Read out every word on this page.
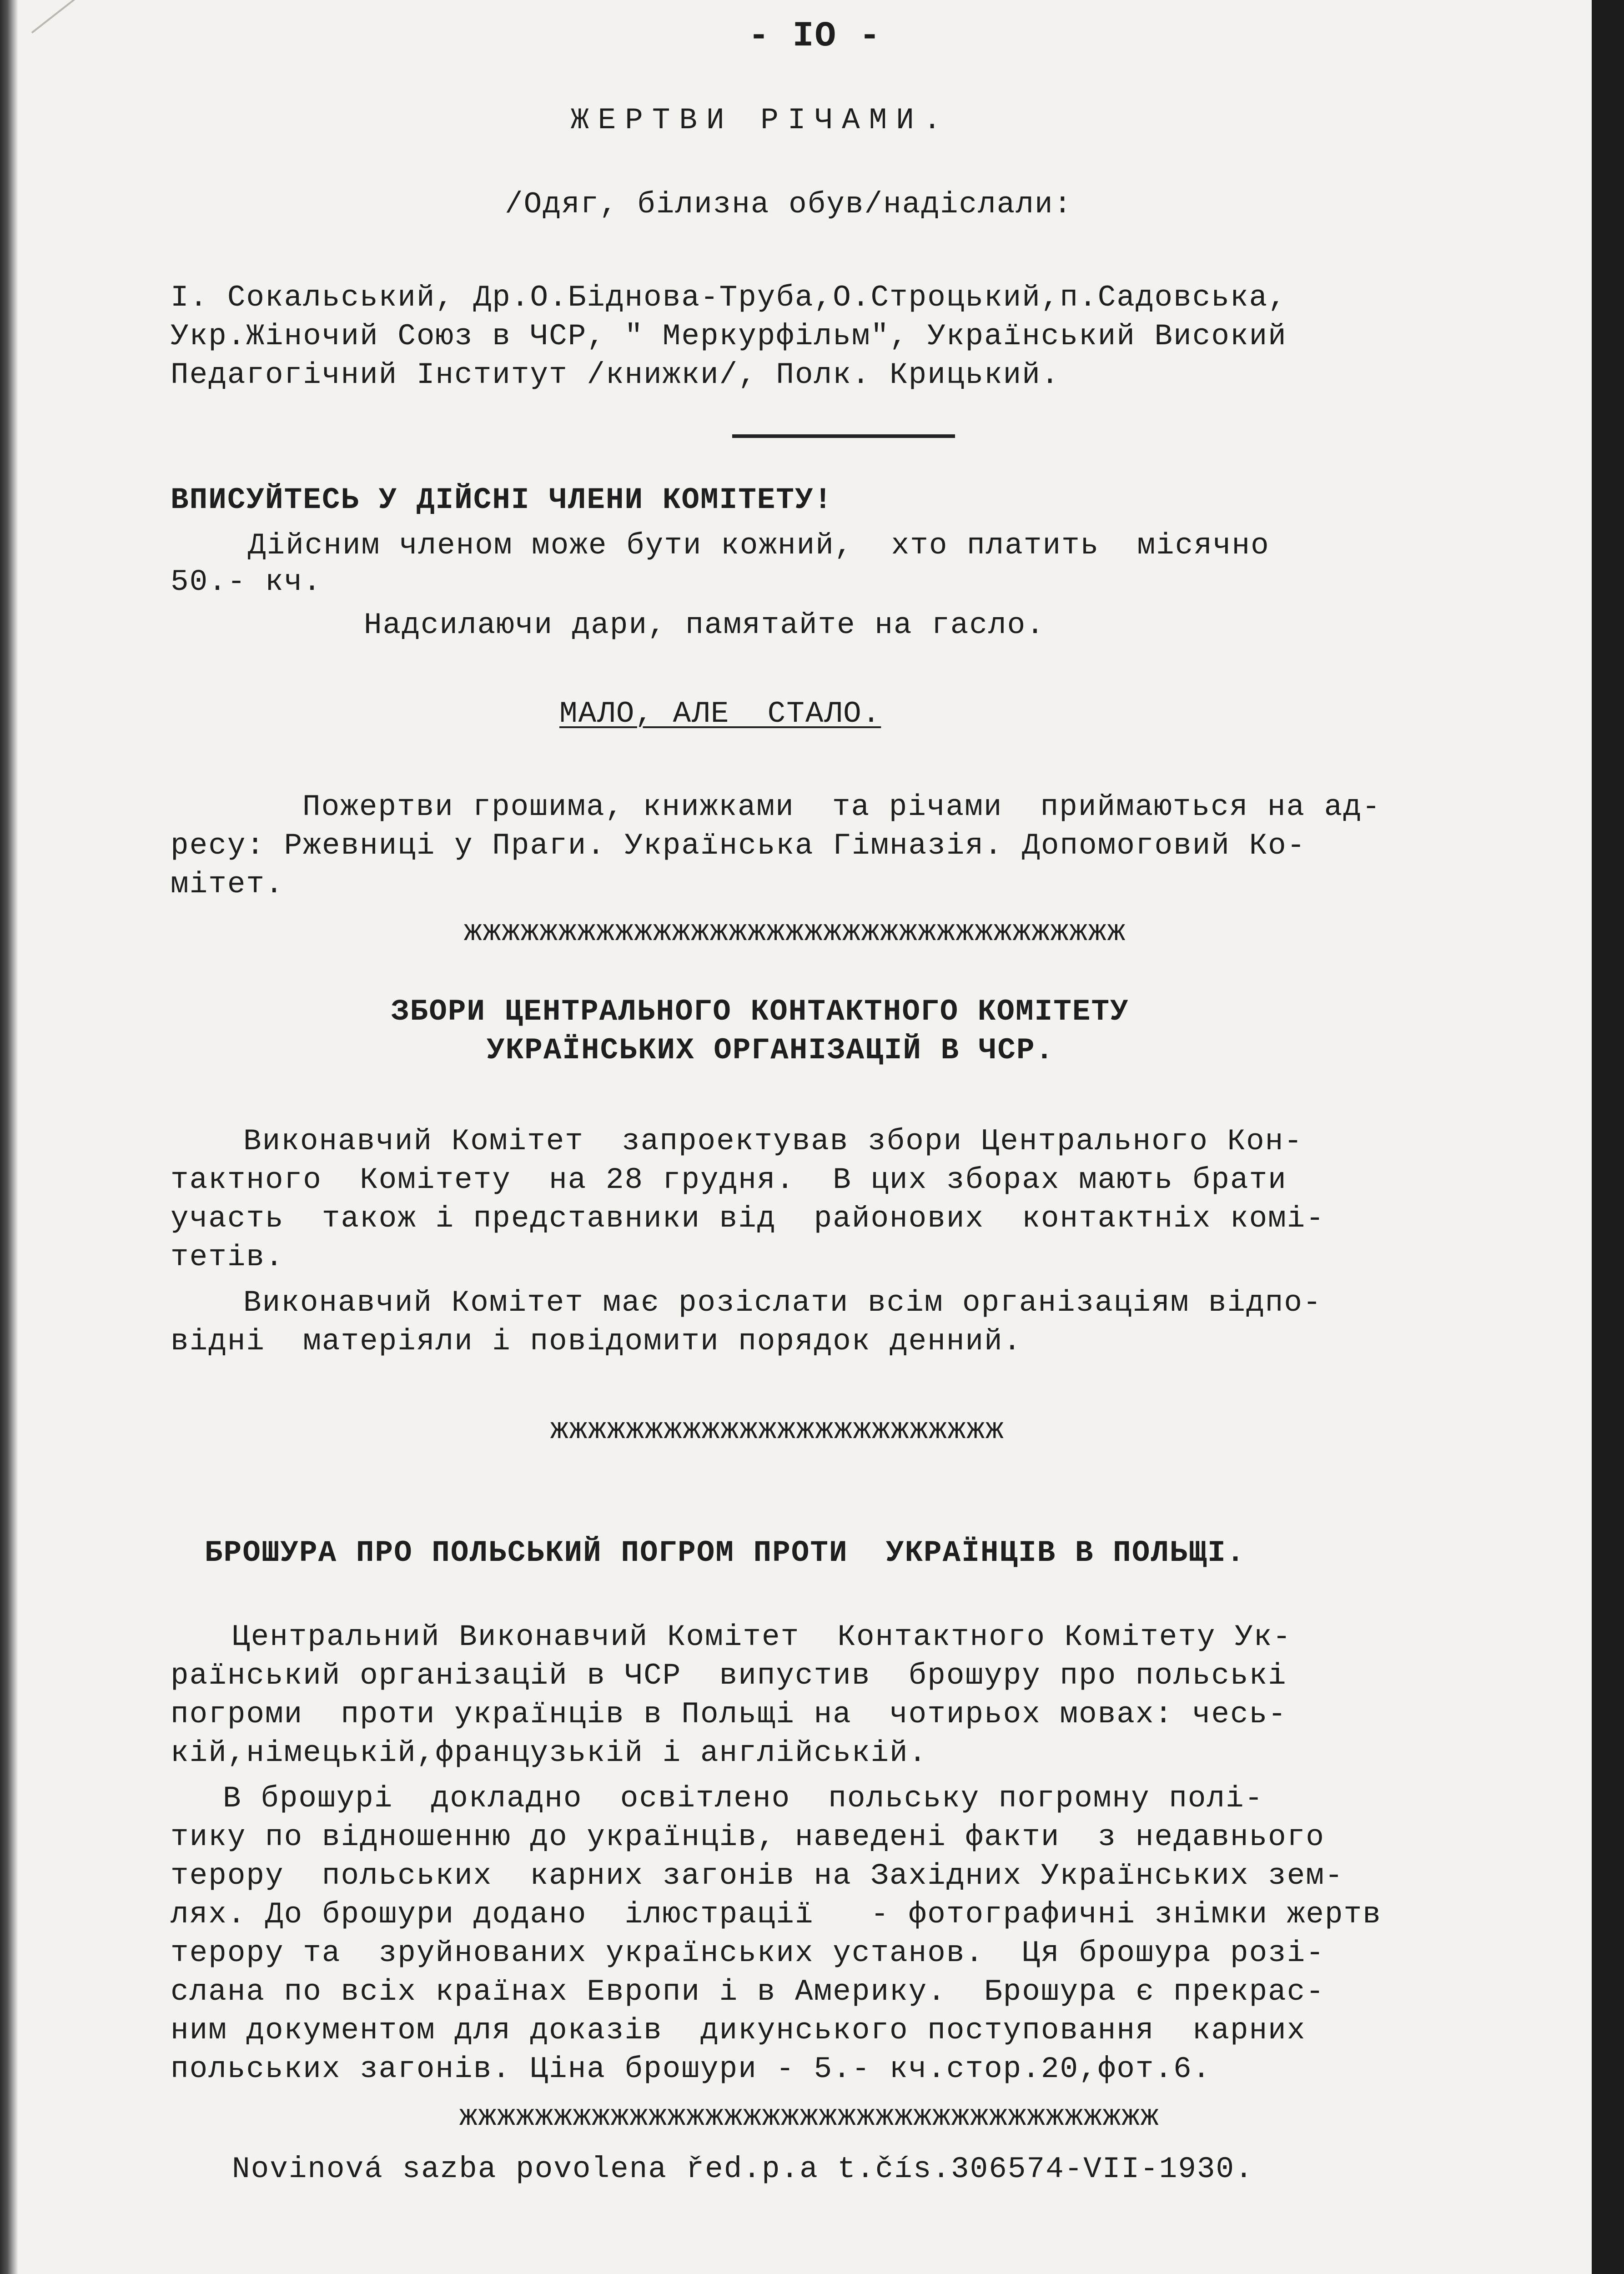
- IO -

ЖЕРТВИ РІЧАМИ.

/Одяг, білизна обув/надіслали:

І. Сокальський, Др.О.Біднова-Труба,О.Строцький,п.Садовська,

Укр.Жіночий Союз в ЧСР, " Меркурфільм", Український Високий

Педагогічний Інститут /книжки/, Полк. Крицький.

ВПИСУЙТЕСЬ У ДІЙСНІ ЧЛЕНИ КОМІТЕТУ!

Дійсним членом може бути кожний,  хто платить  місячно

50.- кч.

Надсилаючи дари, памятайте на гасло.

МАЛО, АЛЕ  СТАЛО.

Пожертви грошима, книжками  та річами  приймаються на ад-

ресу: Ржевниці у Праги. Українська Гімназія. Допомоговий Ко-

мітет.

жжжжжжжжжжжжжжжжжжжжжжжжжжжжжжжжжжж

ЗБОРИ ЦЕНТРАЛЬНОГО КОНТАКТНОГО КОМІТЕТУ

УКРАЇНСЬКИХ ОРГАНІЗАЦІЙ В ЧСР.

Виконавчий Комітет  запроектував збори Центрального Кон-

тактного  Комітету  на 28 грудня.  В цих зборах мають брати

участь  також і представники від  районових  контактніх комі-

тетів.

Виконавчий Комітет має розіслати всім організаціям відпо-

відні  матеріяли і повідомити порядок денний.

жжжжжжжжжжжжжжжжжжжжжжжж

БРОШУРА ПРО ПОЛЬСЬКИЙ ПОГРОМ ПРОТИ  УКРАЇНЦІВ В ПОЛЬЩІ.

Центральний Виконавчий Комітет  Контактного Комітету Ук-

раїнський організацій в ЧСР  випустив  брошуру про польські

погроми  проти українців в Польщі на  чотирьох мовах: чесь-

кій,німецькій,французькій і англійській.

В брошурі  докладно  освітлено  польську погромну полі-

тику по відношенню до українців, наведені факти  з недавнього

терору  польських  карних загонів на Західних Українських зем-

лях. До брошури додано  ілюстрації   - фотографичні знімки жертв

терору та  зруйнованих українських установ.  Ця брошура розі-

слана по всіх країнах Европи і в Америку.  Брошура є прекрас-

ним документом для доказів  дикунського поступовання  карних

польських загонів. Ціна брошури - 5.- кч.стор.20,фот.6.

жжжжжжжжжжжжжжжжжжжжжжжжжжжжжжжжжжжжж

Novinová sazba povolena řed.p.a t.čís.306574-VII-1930.
